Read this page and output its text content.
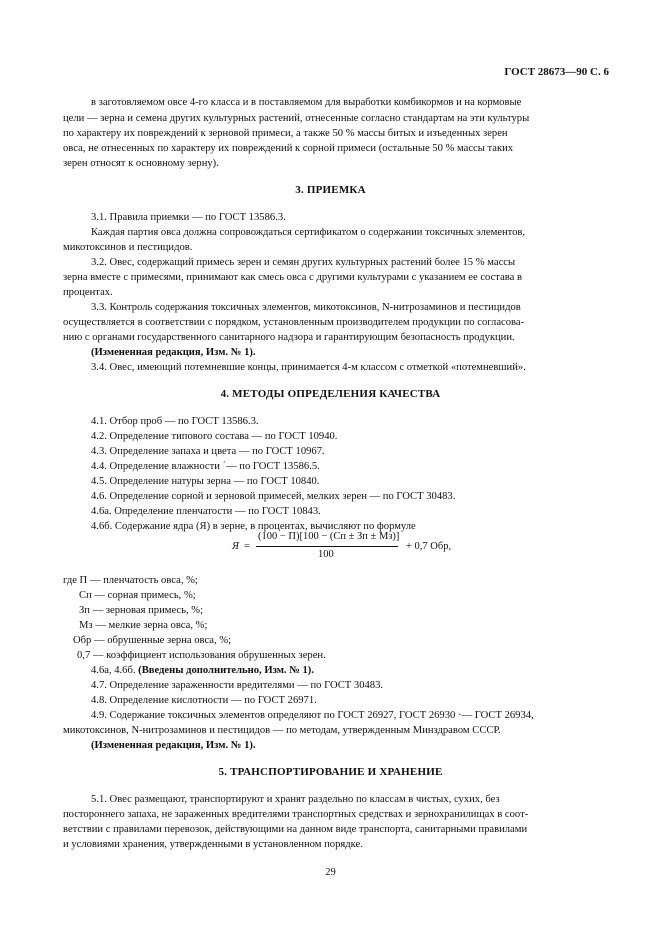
ГОСТ 28673—90 С. 6
в заготовляемом овсе 4-го класса и в поставляемом для выработки комбикормов и на кормовые
цели — зерна и семена других культурных растений, отнесенные согласно стандартам на эти культуры
по характеру их повреждений к зерновой примеси, а также 50 % массы битых и изъеденных зерен
овса, не отнесенных по характеру их повреждений к сорной примеси (остальные 50 % массы таких
зерен относят к основному зерну).
3. ПРИЕМКА
3.1. Правила приемки — по ГОСТ 13586.3.
Каждая партия овса должна сопровождаться сертификатом о содержании токсичных элементов,
микотоксинов и пестицидов.
3.2. Овес, содержащий примесь зерен и семян других культурных растений более 15 % массы
зерна вместе с примесями, принимают как смесь овса с другими культурами с указанием ее состава в
процентах.
3.3. Контроль содержания токсичных элементов, микотоксинов, N-нитрозаминов и пестицидов
осуществляется в соответствии с порядком, установленным производителем продукции по согласова-
нию с органами государственного санитарного надзора и гарантирующим безопасность продукции.
(Измененная редакция, Изм. № 1).
3.4. Овес, имеющий потемневшие концы, принимается 4-м классом с отметкой «потемневший».
4. МЕТОДЫ ОПРЕДЕЛЕНИЯ КАЧЕСТВА
4.1. Отбор проб — по ГОСТ 13586.3.
4.2. Определение типового состава — по ГОСТ 10940.
4.3. Определение запаха и цвета — по ГОСТ 10967.
4.4. Определение влажности ´— по ГОСТ 13586.5.
4.5. Определение натуры зерна — по ГОСТ 10840.
4.6. Определение сорной и зерновой примесей, мелких зерен — по ГОСТ 30483.
4.6а. Определение пленчатости — по ГОСТ 10843.
4.6б. Содержание ядра (Я) в зерне, в процентах, вычисляют по формуле
Я =
(100 − П)[100 − (Cп ± Зп ± Мз)]
100
+ 0,7 Обр,
где П — пленчатость овса, %;
Cп — сорная примесь, %;
Зп — зерновая примесь, %;
Мз — мелкие зерна овса, %;
Обр — обрушенные зерна овса, %;
0,7 — коэффициент использования обрушенных зерен.
4.6а, 4.6б. (Введены дополнительно, Изм. № 1).
4.7. Определение зараженности вредителями — по ГОСТ 30483.
4.8. Определение кислотности — по ГОСТ 26971.
4.9. Содержание токсичных элементов определяют по ГОСТ 26927, ГОСТ 26930 ·— ГОСТ 26934,
микотоксинов, N-нитрозаминов и пестицидов — по методам, утвержденным Минздравом СССР.
(Измененная редакция, Изм. № 1).
5. ТРАНСПОРТИРОВАНИЕ И ХРАНЕНИЕ
5.1. Овес размещают, транспортируют и хранят раздельно по классам в чистых, сухих, без
постороннего запаха, не зараженных вредителями транспортных средствах и зернохранилищах в соот-
ветствии с правилами перевозок, действующими на данном виде транспорта, санитарными правилами
и условиями хранения, утвержденными в установленном порядке.
29
